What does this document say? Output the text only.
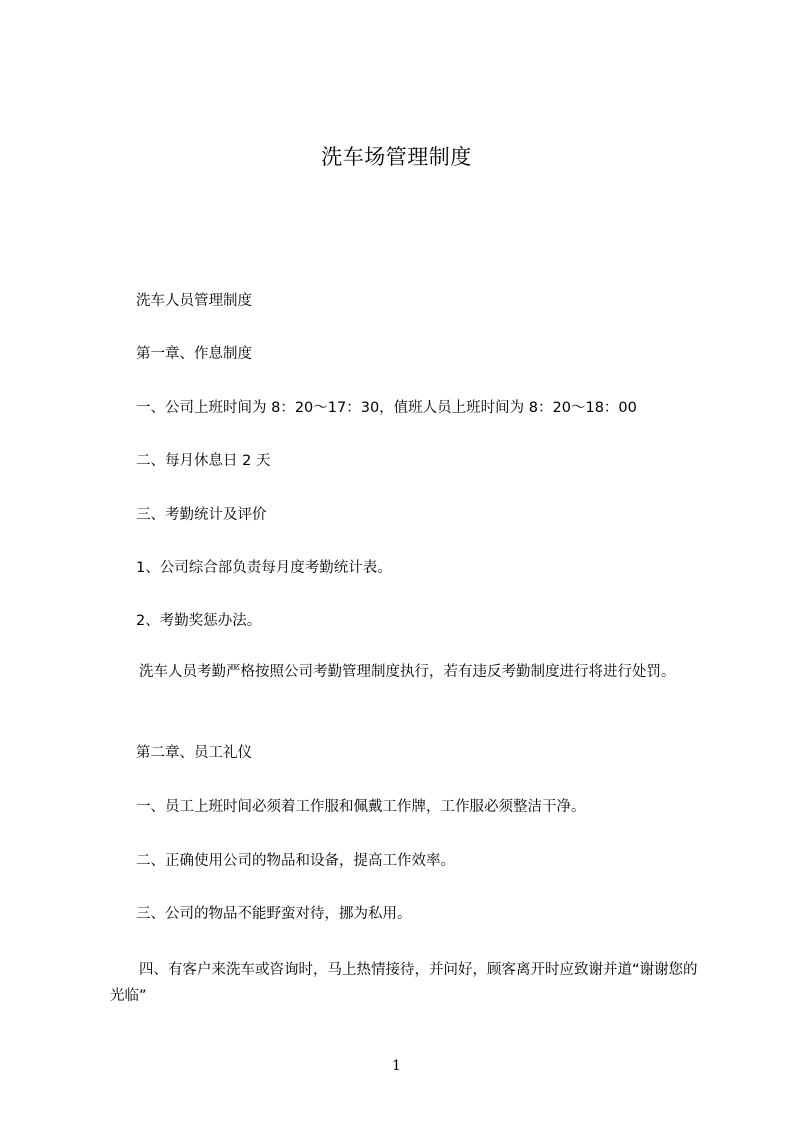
洗车场管理制度
洗车人员管理制度
第一章、作息制度
一、公司上班时间为 8：20～17：30，值班人员上班时间为 8：20～18：00
二、每月休息日 2 天
三、考勤统计及评价
1、公司综合部负责每月度考勤统计表。
2、考勤奖惩办法。
洗车人员考勤严格按照公司考勤管理制度执行，若有违反考勤制度进行将进行处罚。
第二章、员工礼仪
一、员工上班时间必须着工作服和佩戴工作牌，工作服必须整洁干净。
二、正确使用公司的物品和设备，提高工作效率。
三、公司的物品不能野蛮对待，挪为私用。
四、有客户来洗车或咨询时，马上热情接待，并问好，顾客离开时应致谢并道“谢谢您的光临”
1
